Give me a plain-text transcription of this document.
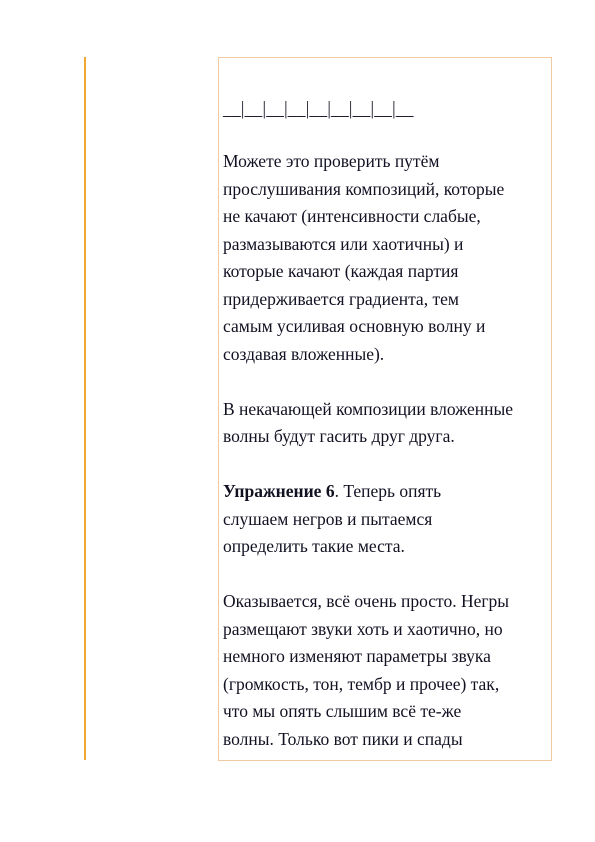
__|__|__|__|__|__|__|__|__

Можете это проверить путём
прослушивания композиций, которые
не качают (интенсивности слабые,
размазываются или хаотичны) и
которые качают (каждая партия
придерживается градиента, тем
самым усиливая основную волну и
создавая вложенные).

В некачающей композиции вложенные
волны будут гасить друг друга.

Упражнение 6. Теперь опять
слушаем негров и пытаемся
определить такие места.

Оказывается, всё очень просто. Негры
размещают звуки хоть и хаотично, но
немного изменяют параметры звука
(громкость, тон, тембр и прочее) так,
что мы опять слышим всё те-же
волны. Только вот пики и спады
